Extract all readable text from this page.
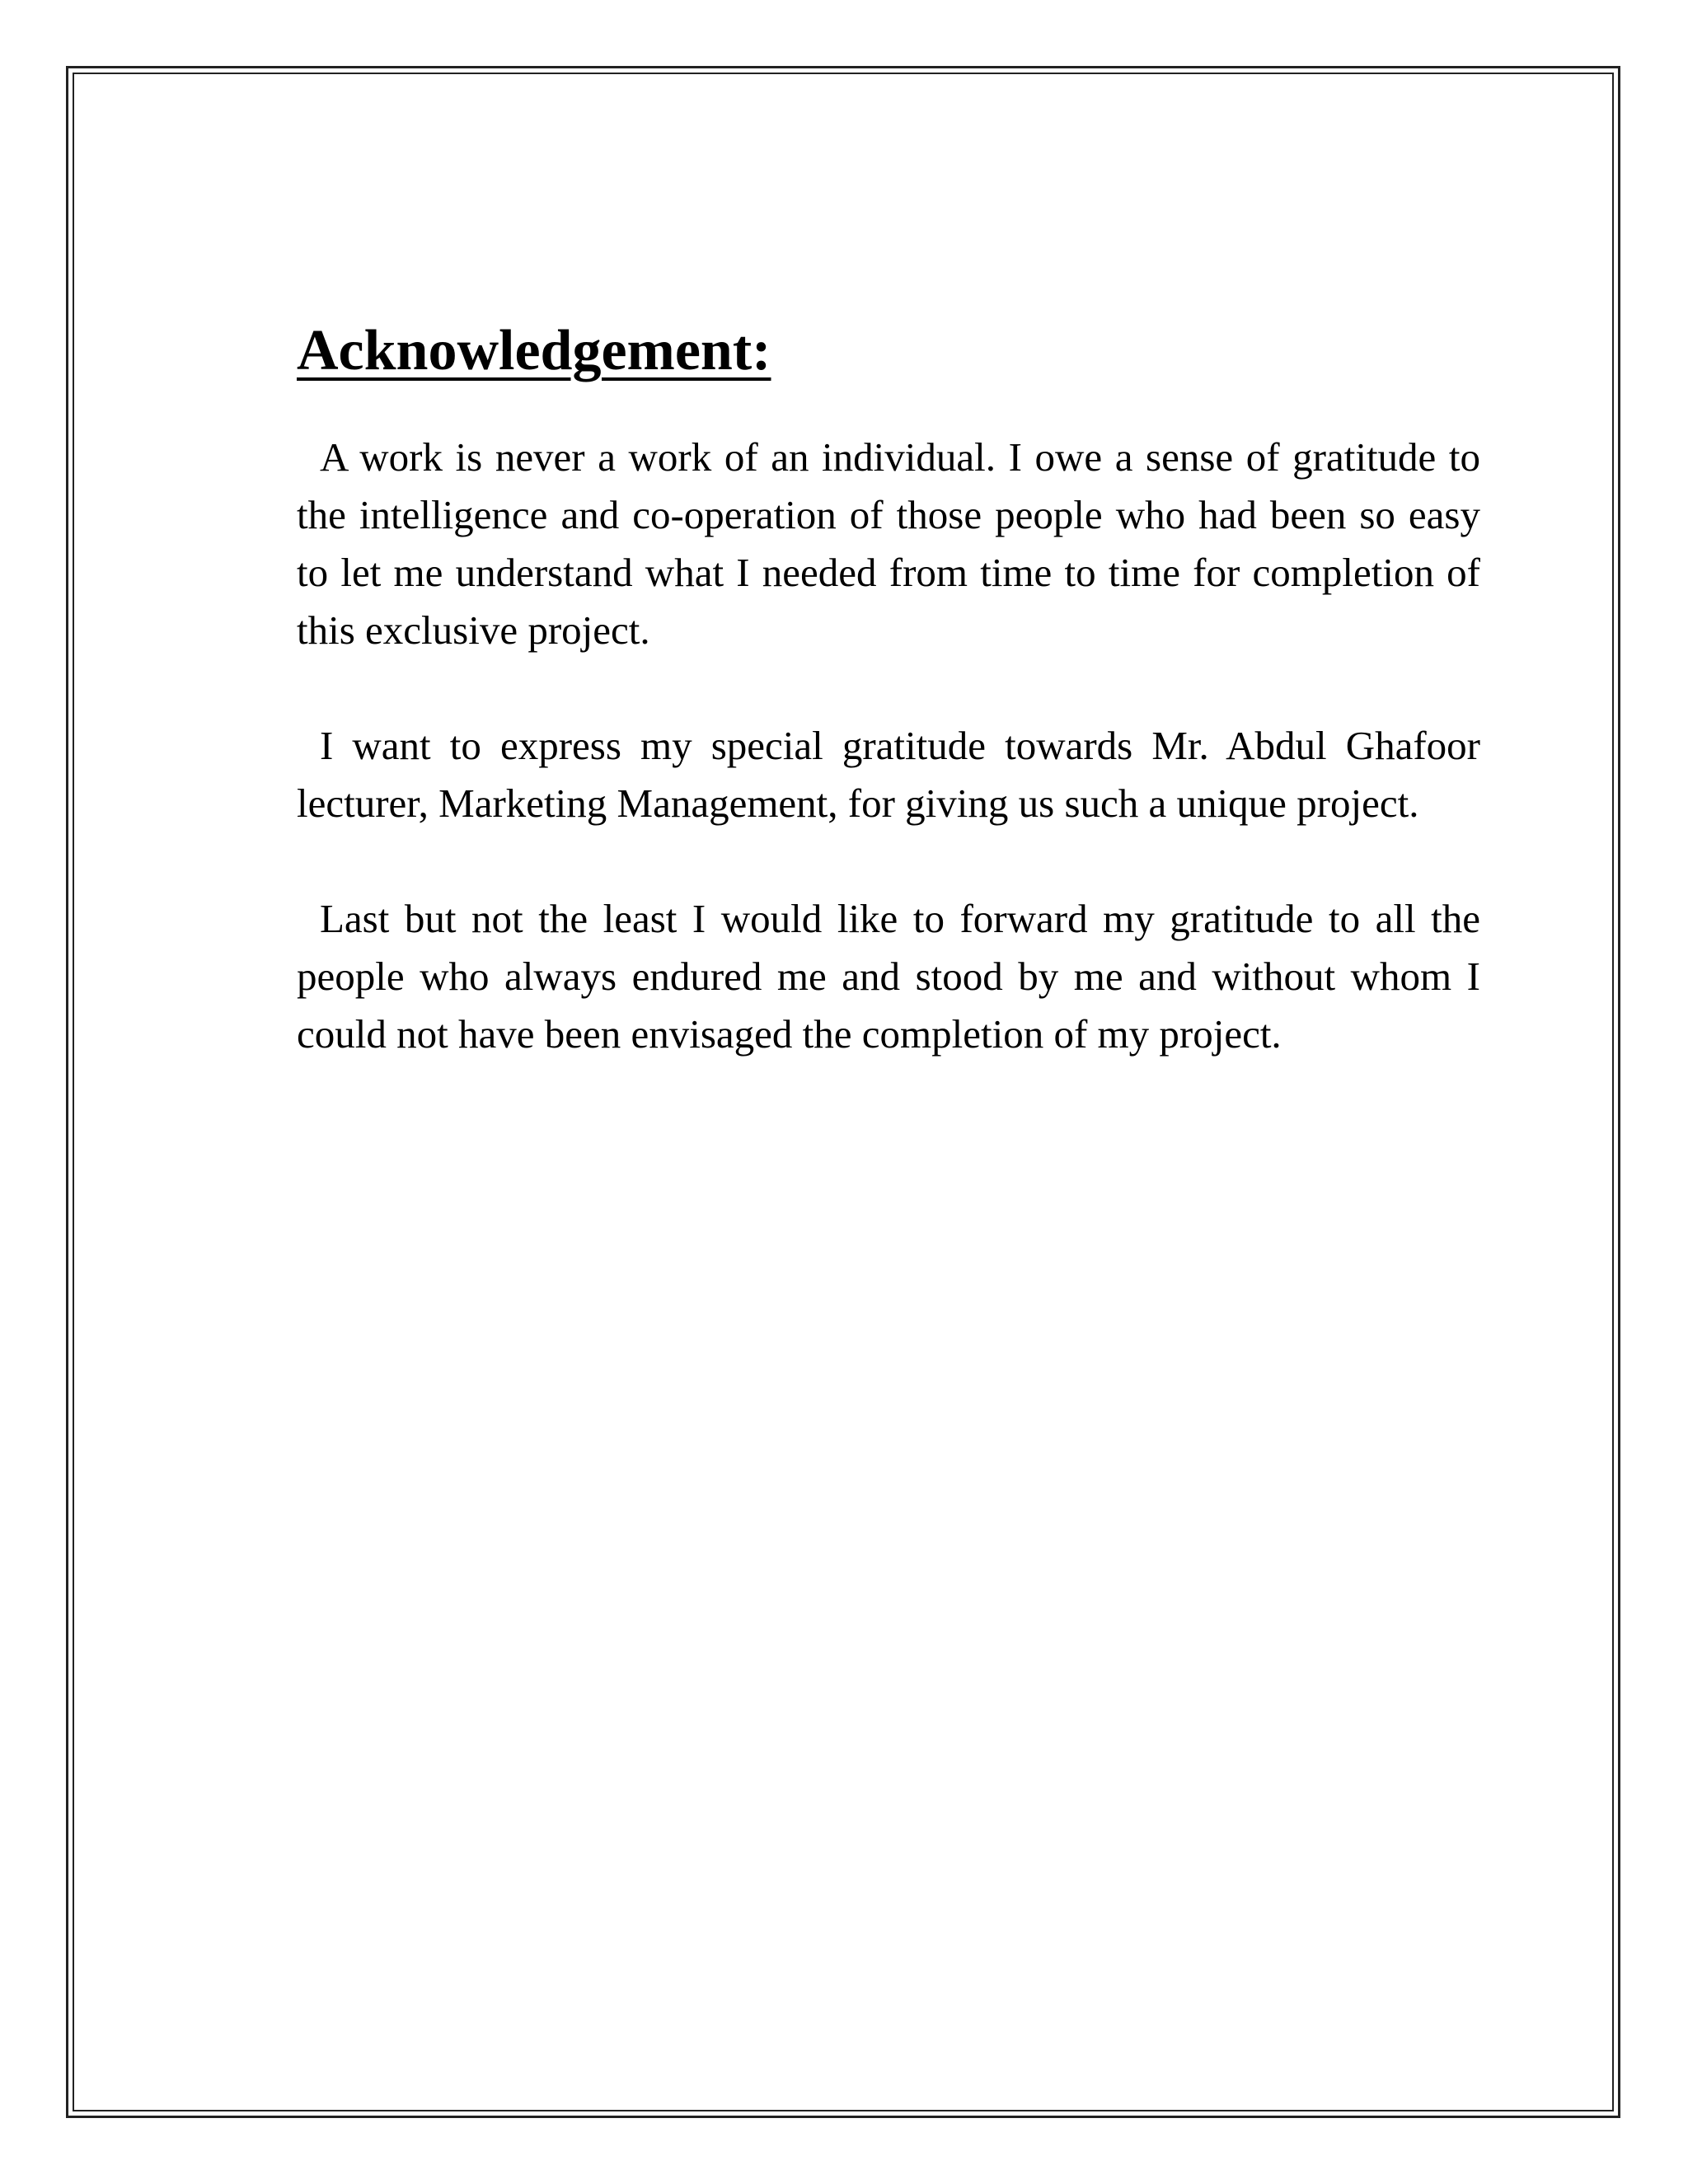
Acknowledgement:

A work is never a work of an individual. I owe a sense of gratitude to the intelligence and co-operation of those people who had been so easy to let me understand what I needed from time to time for completion of this exclusive project.

I want to express my special gratitude towards Mr. Abdul Ghafoor lecturer, Marketing Management, for giving us such a unique project.

Last but not the least I would like to forward my gratitude to all the people who always endured me and stood by me and without whom I could not have been envisaged the completion of my project.
